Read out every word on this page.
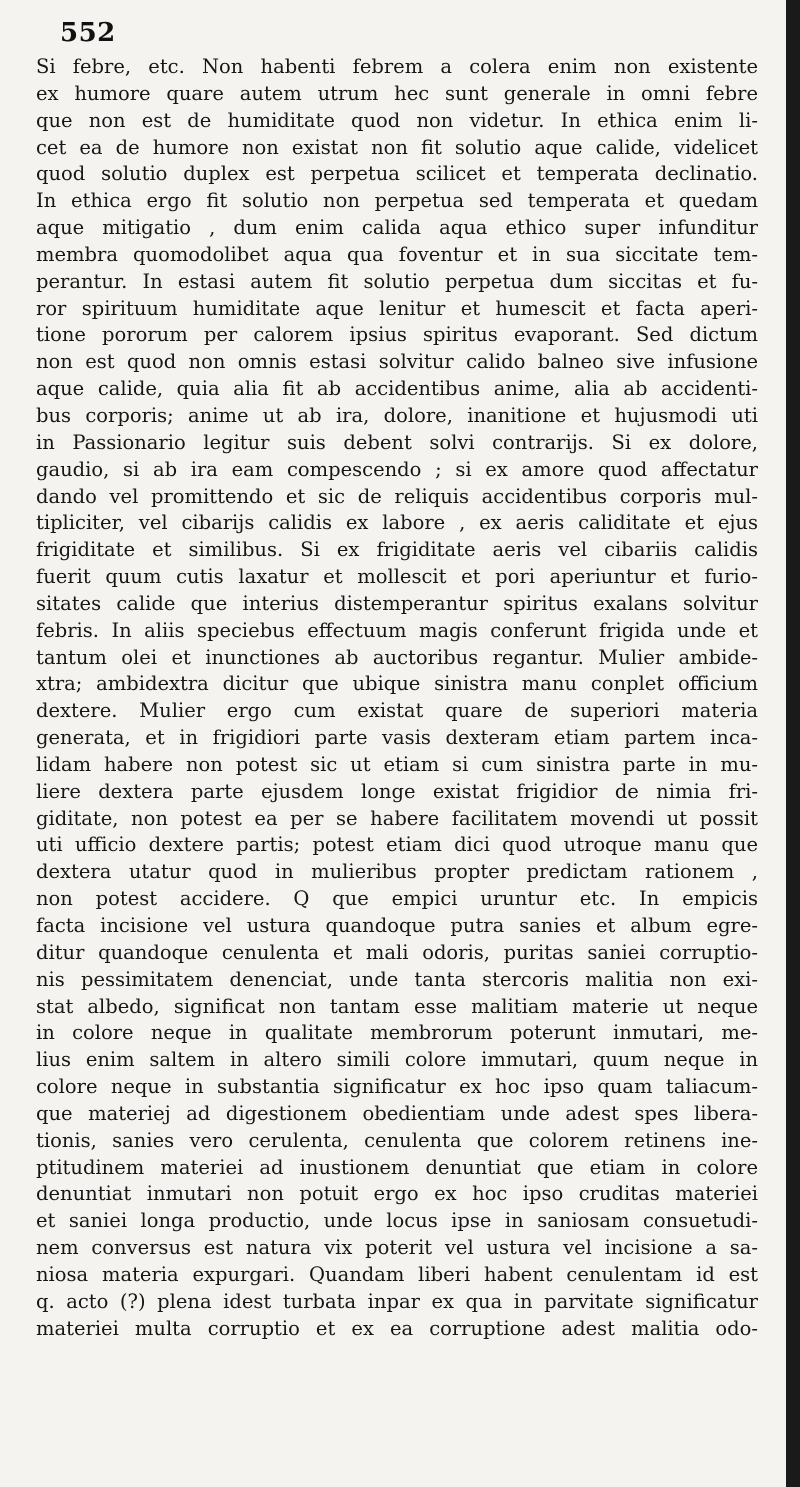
552
Si febre, etc. Non habenti febrem a colera enim non existente
ex humore quare autem utrum hec sunt generale in omni febre
que non est de humiditate quod non videtur. In ethica enim li-
cet ea de humore non existat non fit solutio aque calide, videlicet
quod solutio duplex est perpetua scilicet et temperata declinatio.
In ethica ergo fit solutio non perpetua sed temperata et quedam
aque mitigatio , dum enim calida aqua ethico super infunditur
membra quomodolibet aqua qua foventur et in sua siccitate tem-
perantur. In estasi autem fit solutio perpetua dum siccitas et fu-
ror spirituum humiditate aque lenitur et humescit et facta aperi-
tione pororum per calorem ipsius spiritus evaporant. Sed dictum
non est quod non omnis estasi solvitur calido balneo sive infusione
aque calide, quia alia fit ab accidentibus anime, alia ab accidenti-
bus corporis; anime ut ab ira, dolore, inanitione et hujusmodi uti
in Passionario legitur suis debent solvi contrarijs. Si ex dolore,
gaudio, si ab ira eam compescendo ; si ex amore quod affectatur
dando vel promittendo et sic de reliquis accidentibus corporis mul-
tipliciter, vel cibarijs calidis ex labore , ex aeris caliditate et ejus
frigiditate et similibus. Si ex frigiditate aeris vel cibariis calidis
fuerit quum cutis laxatur et mollescit et pori aperiuntur et furio-
sitates calide que interius distemperantur spiritus exalans solvitur
febris. In aliis speciebus effectuum magis conferunt frigida unde et
tantum olei et inunctiones ab auctoribus regantur. Mulier ambide-
xtra; ambidextra dicitur que ubique sinistra manu conplet officium
dextere. Mulier ergo cum existat quare de superiori materia
generata, et in frigidiori parte vasis dexteram etiam partem inca-
lidam habere non potest sic ut etiam si cum sinistra parte in mu-
liere dextera parte ejusdem longe existat frigidior de nimia fri-
giditate, non potest ea per se habere facilitatem movendi ut possit
uti ufficio dextere partis; potest etiam dici quod utroque manu que
dextera utatur quod in mulieribus propter predictam rationem ,
non potest accidere. Q que empici uruntur etc. In empicis
facta incisione vel ustura quandoque putra sanies et album egre-
ditur quandoque cenulenta et mali odoris, puritas saniei corruptio-
nis pessimitatem denenciat, unde tanta stercoris malitia non exi-
stat albedo, significat non tantam esse malitiam materie ut neque
in colore neque in qualitate membrorum poterunt inmutari, me-
lius enim saltem in altero simili colore immutari, quum neque in
colore neque in substantia significatur ex hoc ipso quam taliacum-
que materiej ad digestionem obedientiam unde adest spes libera-
tionis, sanies vero cerulenta, cenulenta que colorem retinens ine-
ptitudinem materiei ad inustionem denuntiat que etiam in colore
denuntiat inmutari non potuit ergo ex hoc ipso cruditas materiei
et saniei longa productio, unde locus ipse in saniosam consuetudi-
nem conversus est natura vix poterit vel ustura vel incisione a sa-
niosa materia expurgari. Quandam liberi habent cenulentam id est
q. acto (?) plena idest turbata inpar ex qua in parvitate significatur
materiei multa corruptio et ex ea corruptione adest malitia odo-
